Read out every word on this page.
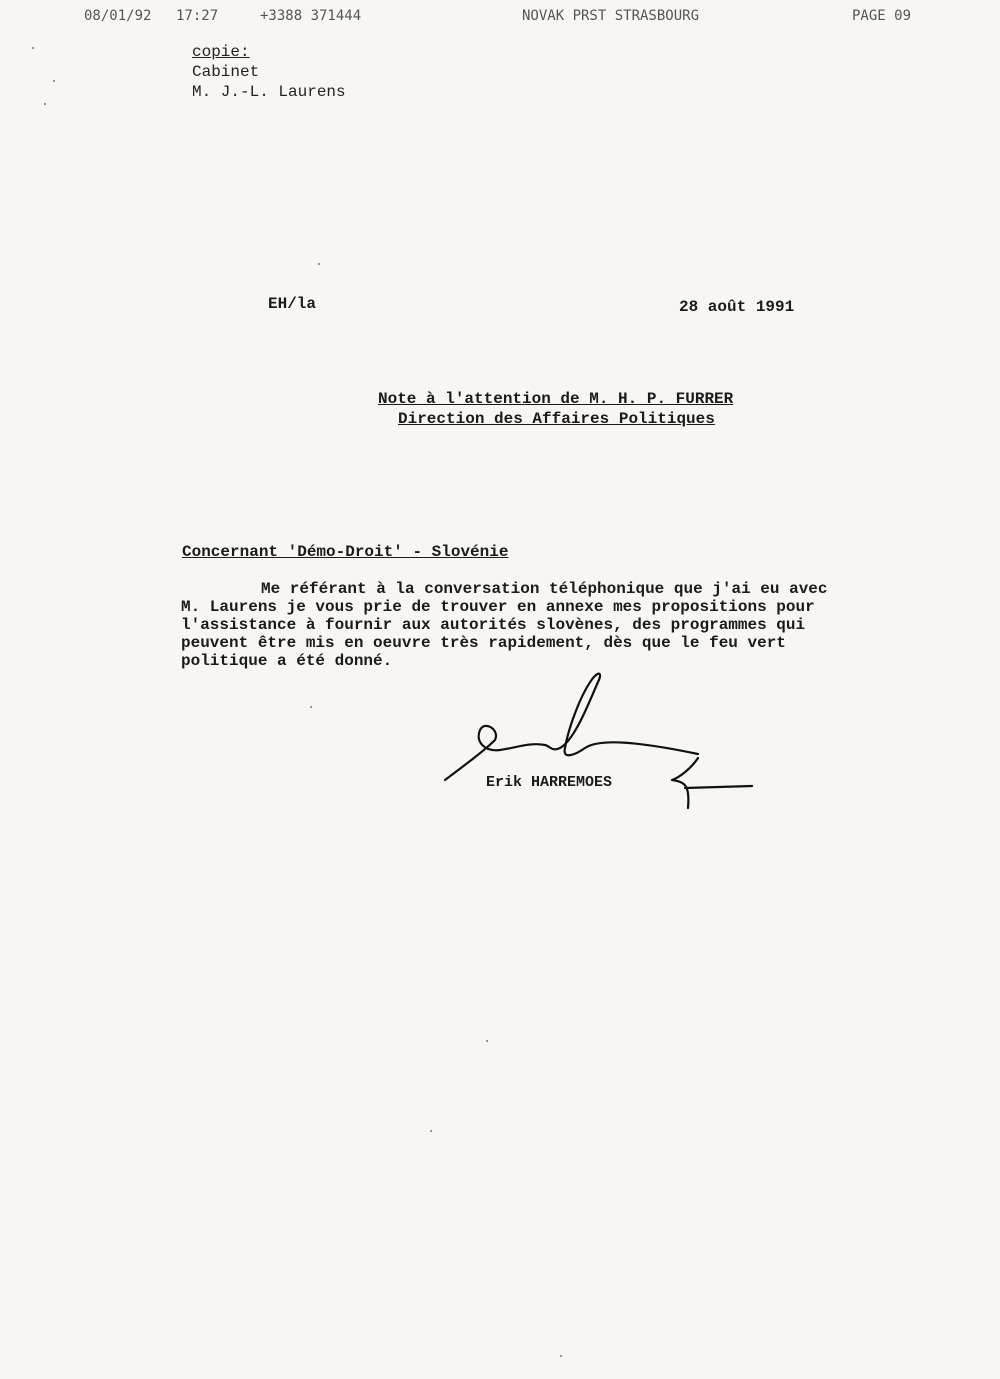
08/01/92 17:27	+3388 371444	NOVAK PRST STRASBOURG	PAGE 09
copie:
Cabinet
M. J.-L. Laurens
EH/la	28 août 1991
Note à l'attention de M. H. P. FURRER
Direction des Affaires Politiques
Concernant 'Démo-Droit' - Slovénie
Me référant à la conversation téléphonique que j'ai eu avec
M. Laurens je vous prie de trouver en annexe mes propositions pour
l'assistance à fournir aux autorités slovènes, des programmes qui
peuvent être mis en oeuvre très rapidement, dès que le feu vert
politique a été donné.
Erik HARREMOES
